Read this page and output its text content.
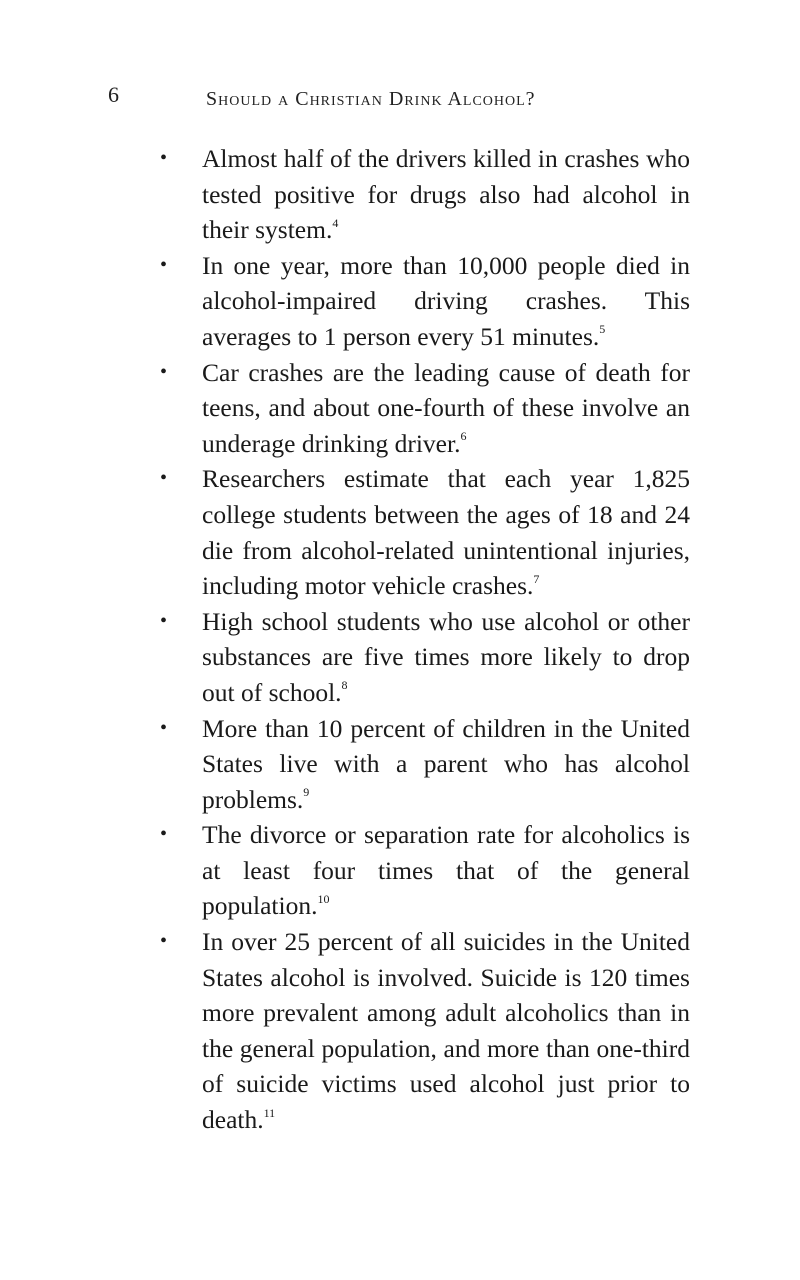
6	Should a Christian Drink Alcohol?
• Almost half of the drivers killed in crashes who tested positive for drugs also had alcohol in their system.$^4$
• In one year, more than 10,000 people died in alcohol-impaired driving crashes. This averages to 1 person every 51 minutes.$^5$
• Car crashes are the leading cause of death for teens, and about one-fourth of these involve an underage drinking driver.$^6$
• Researchers estimate that each year 1,825 college students between the ages of 18 and 24 die from alcohol-related unintentional injuries, including motor vehicle crashes.$^7$
• High school students who use alcohol or other substances are five times more likely to drop out of school.$^8$
• More than 10 percent of children in the United States live with a parent who has alcohol problems.$^9$
• The divorce or separation rate for alcoholics is at least four times that of the general population.$^{10}$
• In over 25 percent of all suicides in the United States alcohol is involved. Suicide is 120 times more prevalent among adult alcoholics than in the general population, and more than one-third of suicide victims used alcohol just prior to death.$^{11}$
